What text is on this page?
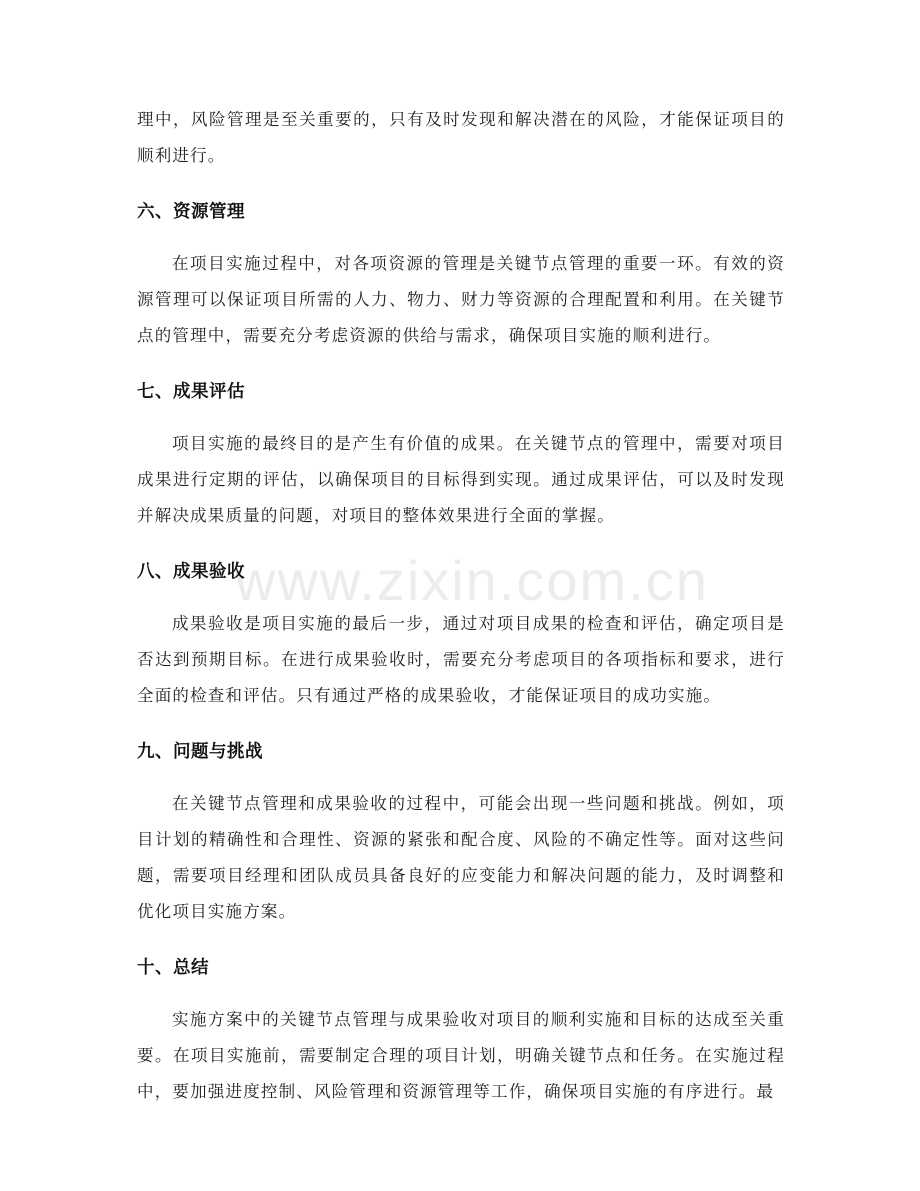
www.zixin.com.cn

理中，风险管理是至关重要的，只有及时发现和解决潜在的风险，才能保证项目的顺利进行。

六、资源管理

在项目实施过程中，对各项资源的管理是关键节点管理的重要一环。有效的资源管理可以保证项目所需的人力、物力、财力等资源的合理配置和利用。在关键节点的管理中，需要充分考虑资源的供给与需求，确保项目实施的顺利进行。

七、成果评估

项目实施的最终目的是产生有价值的成果。在关键节点的管理中，需要对项目成果进行定期的评估，以确保项目的目标得到实现。通过成果评估，可以及时发现并解决成果质量的问题，对项目的整体效果进行全面的掌握。

八、成果验收

成果验收是项目实施的最后一步，通过对项目成果的检查和评估，确定项目是否达到预期目标。在进行成果验收时，需要充分考虑项目的各项指标和要求，进行全面的检查和评估。只有通过严格的成果验收，才能保证项目的成功实施。

九、问题与挑战

在关键节点管理和成果验收的过程中，可能会出现一些问题和挑战。例如，项目计划的精确性和合理性、资源的紧张和配合度、风险的不确定性等。面对这些问题，需要项目经理和团队成员具备良好的应变能力和解决问题的能力，及时调整和优化项目实施方案。

十、总结

实施方案中的关键节点管理与成果验收对项目的顺利实施和目标的达成至关重要。在项目实施前，需要制定合理的项目计划，明确关键节点和任务。在实施过程中，要加强进度控制、风险管理和资源管理等工作，确保项目实施的有序进行。最
